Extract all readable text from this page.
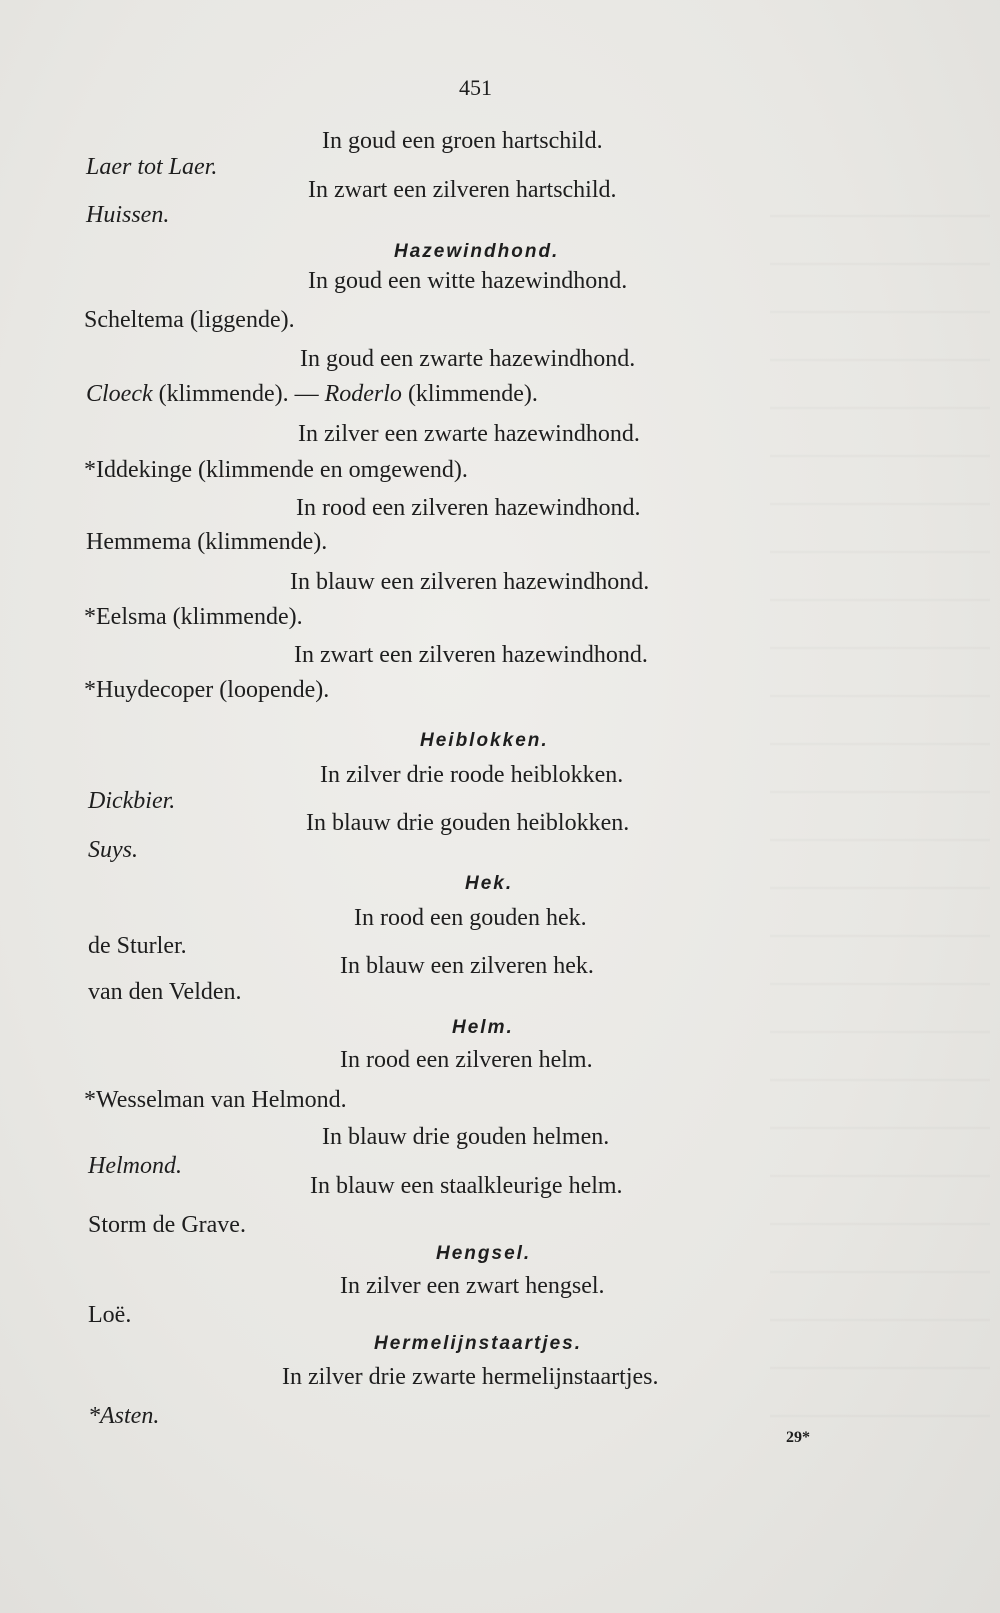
451
In goud een groen hartschild.
Laer tot Laer.
In zwart een zilveren hartschild.
Huissen.
Hazewindhond.
In goud een witte hazewindhond.
Scheltema (liggende).
In goud een zwarte hazewindhond.
Cloeck (klimmende). — Roderlo (klimmende).
In zilver een zwarte hazewindhond.
*Iddekinge (klimmende en omgewend).
In rood een zilveren hazewindhond.
Hemmema (klimmende).
In blauw een zilveren hazewindhond.
*Eelsma (klimmende).
In zwart een zilveren hazewindhond.
*Huydecoper (loopende).
Heiblokken.
In zilver drie roode heiblokken.
Dickbier.
In blauw drie gouden heiblokken.
Suys.
Hek.
In rood een gouden hek.
de Sturler.
In blauw een zilveren hek.
van den Velden.
Helm.
In rood een zilveren helm.
*Wesselman van Helmond.
In blauw drie gouden helmen.
Helmond.
In blauw een staalkleurige helm.
Storm de Grave.
Hengsel.
In zilver een zwart hengsel.
Loë.
Hermelijnstaartjes.
In zilver drie zwarte hermelijnstaartjes.
*Asten.
29*
